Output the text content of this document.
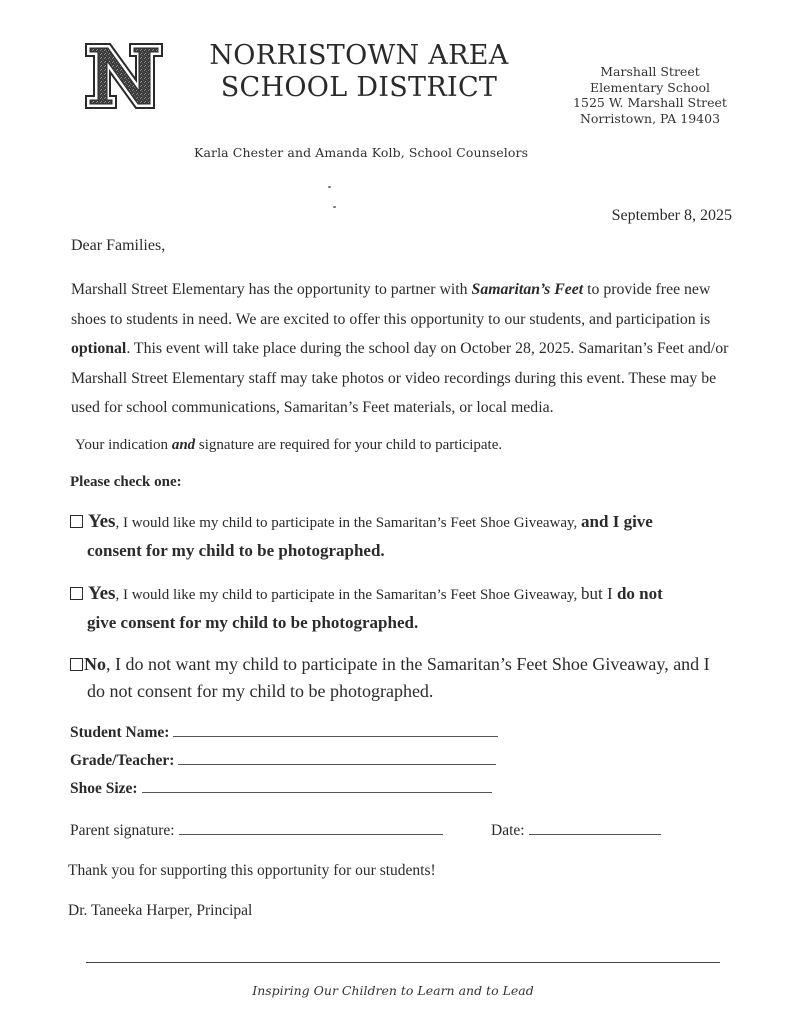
NORRISTOWN AREA
SCHOOL DISTRICT
Marshall Street
Elementary School
1525 W. Marshall Street
Norristown, PA 19403
Karla Chester and Amanda Kolb, School Counselors
September 8, 2025
Dear Families,
Marshall Street Elementary has the opportunity to partner with Samaritan’s Feet to provide free new shoes to students in need. We are excited to offer this opportunity to our students, and participation is optional. This event will take place during the school day on October 28, 2025. Samaritan’s Feet and/or Marshall Street Elementary staff may take photos or video recordings during this event. These may be used for school communications, Samaritan’s Feet materials, or local media.
Your indication and signature are required for your child to participate.
Please check one:
Yes, I would like my child to participate in the Samaritan’s Feet Shoe Giveaway, and I give
consent for my child to be photographed.
Yes, I would like my child to participate in the Samaritan’s Feet Shoe Giveaway, but I do not
give consent for my child to be photographed.
No, I do not want my child to participate in the Samaritan’s Feet Shoe Giveaway, and I
do not consent for my child to be photographed.
Student Name:
Grade/Teacher:
Shoe Size:
Parent signature:	Date:
Thank you for supporting this opportunity for our students!
Dr. Taneeka Harper, Principal
Inspiring Our Children to Learn and to Lead
